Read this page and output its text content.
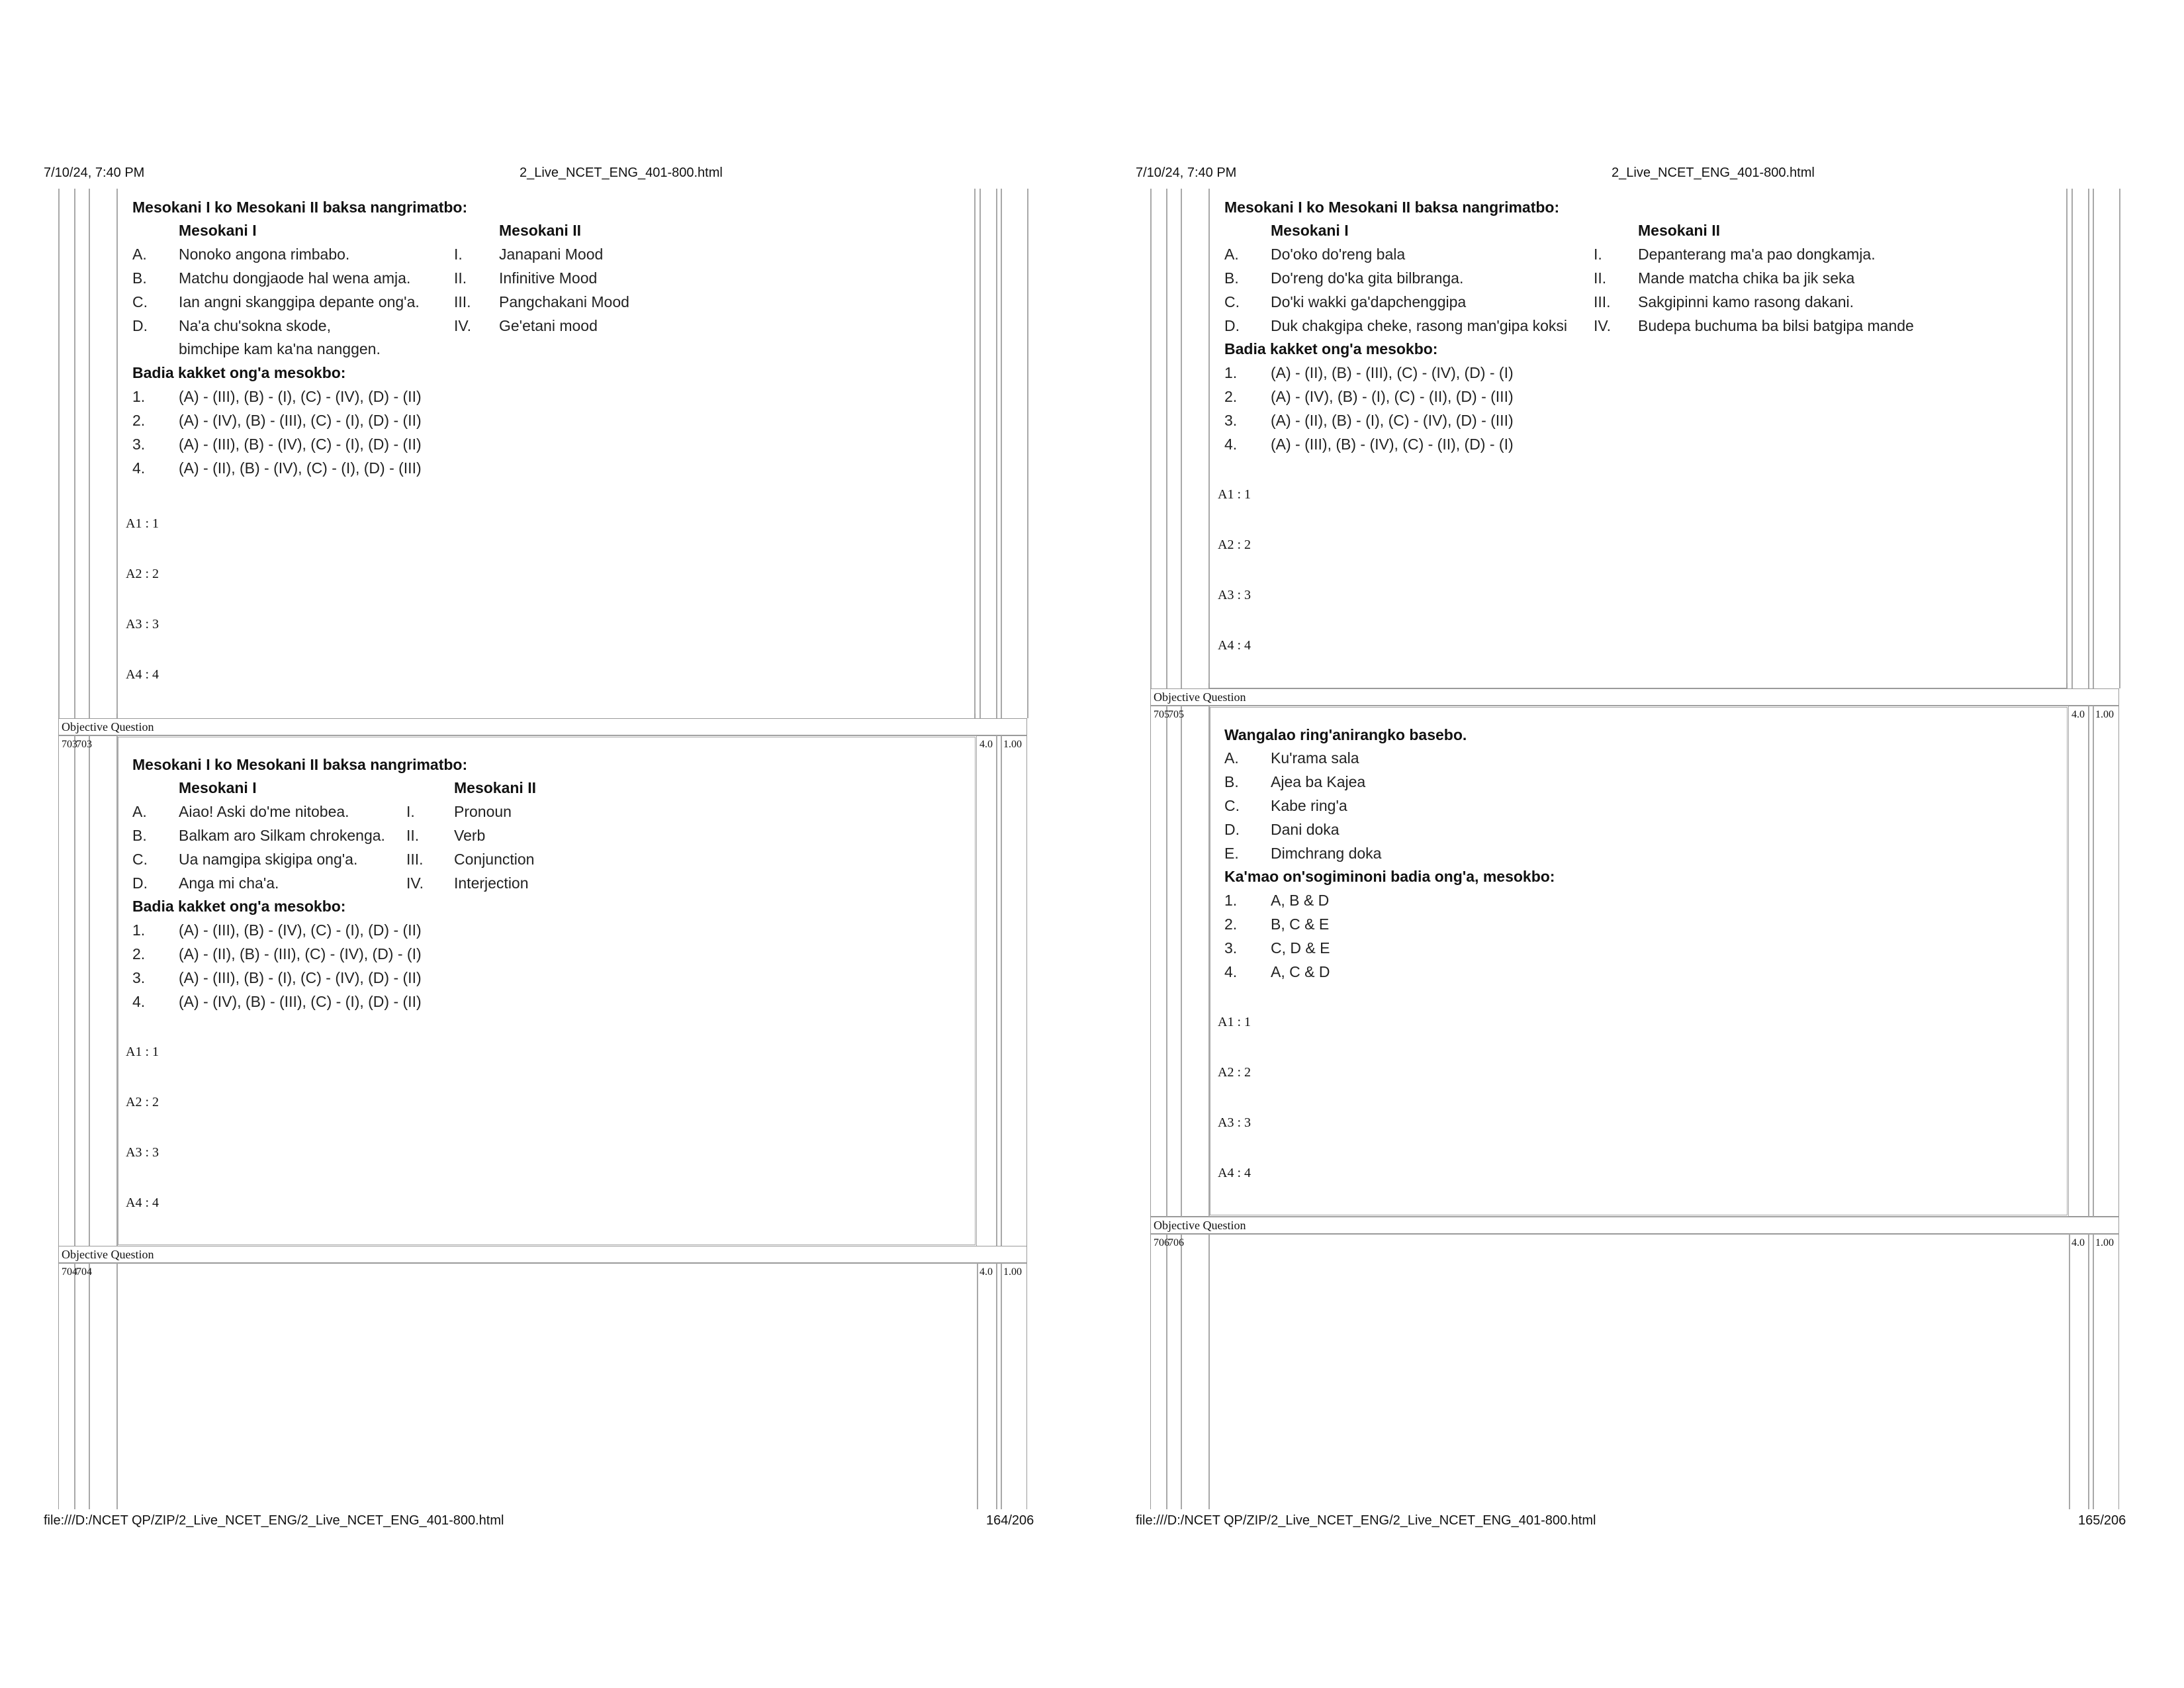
7/10/24, 7:40 PM	2_Live_NCET_ENG_401-800.html
Mesokani I ko Mesokani II baksa nangrimatbo:
Mesokani I	Mesokani II
A. Nonoko angona rimbabo.	I. Janapani Mood
B. Matchu dongjaode hal wena amja.	II. Infinitive Mood
C. Ian angni skanggipa depante ong'a. III. Pangchakani Mood
D. Na'a chu'sokna skode,	IV. Ge'etani mood
bimchipe kam ka'na nanggen.
Badia kakket ong'a mesokbo:
1. (A) - (III), (B) - (I), (C) - (IV), (D) - (II)
2. (A) - (IV), (B) - (III), (C) - (I), (D) - (II)
3. (A) - (III), (B) - (IV), (C) - (I), (D) - (II)
4. (A) - (II), (B) - (IV), (C) - (I), (D) - (III)
A1 : 1
A2 : 2
A3 : 3
A4 : 4
Objective Question
703
703	4.0 1.00
Mesokani I ko Mesokani II baksa nangrimatbo:
Mesokani I	Mesokani II
A. Aiao! Aski do'me nitobea.	I.	Pronoun
B. Balkam aro Silkam chrokenga. II. Verb
C. Ua namgipa skigipa ong'a.	III. Conjunction
D. Anga mi cha'a.	IV. Interjection
Badia kakket ong'a mesokbo:
1. (A) - (III), (B) - (IV), (C) - (I), (D) - (II)
2. (A) - (II), (B) - (III), (C) - (IV), (D) - (I)
3. (A) - (III), (B) - (I), (C) - (IV), (D) - (II)
4. (A) - (IV), (B) - (III), (C) - (I), (D) - (II)
A1 : 1
A2 : 2
A3 : 3
A4 : 4
Objective Question
704
704	4.0 1.00
file:///D:/NCET QP/ZIP/2_Live_NCET_ENG/2_Live_NCET_ENG_401-800.html	164/206
7/10/24, 7:40 PM	2_Live_NCET_ENG_401-800.html
Mesokani I ko Mesokani II baksa nangrimatbo:
Mesokani I	Mesokani II
A. Do'oko do'reng bala	I. Depanterang ma'a pao dongkamja.
B. Do'reng do'ka gita bilbranga.	II. Mande matcha chika ba jik seka
C. Do'ki wakki ga'dapchenggipa	III. Sakgipinni kamo rasong dakani.
D. Duk chakgipa cheke, rasong man'gipa koksi IV. Budepa buchuma ba bilsi batgipa mande
Badia kakket ong'a mesokbo:
1. (A) - (II), (B) - (III), (C) - (IV), (D) - (I)
2. (A) - (IV), (B) - (I), (C) - (II), (D) - (III)
3. (A) - (II), (B) - (I), (C) - (IV), (D) - (III)
4. (A) - (III), (B) - (IV), (C) - (II), (D) - (I)
A1 : 1
A2 : 2
A3 : 3
A4 : 4
Objective Question
705
705	4.0 1.00
Wangalao ring'anirangko basebo.
A. Ku'rama sala
B. Ajea ba Kajea
C. Kabe ring'a
D. Dani doka
E. Dimchrang doka
Ka'mao on'sogiminoni badia ong'a, mesokbo:
1. A, B & D
2. B, C & E
3. C, D & E
4. A, C & D
A1 : 1
A2 : 2
A3 : 3
A4 : 4
Objective Question
706
706	4.0 1.00
file:///D:/NCET QP/ZIP/2_Live_NCET_ENG/2_Live_NCET_ENG_401-800.html	165/206
